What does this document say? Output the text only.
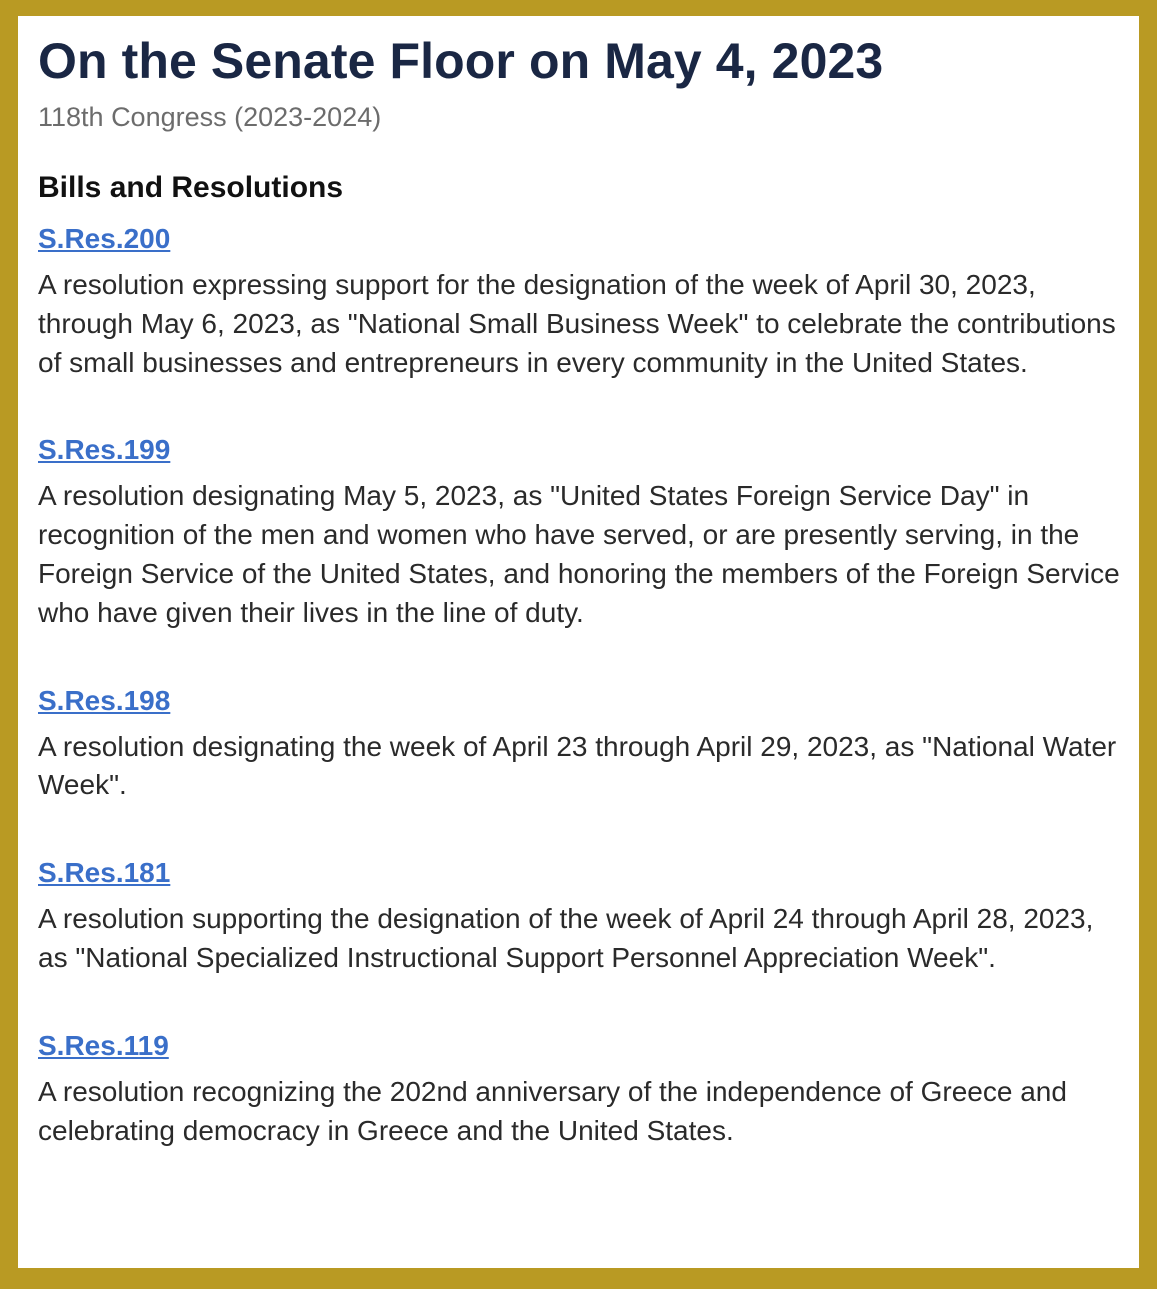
On the Senate Floor on May 4, 2023
118th Congress (2023-2024)
Bills and Resolutions
S.Res.200

A resolution expressing support for the designation of the week of April 30, 2023, through May 6, 2023, as "National Small Business Week" to celebrate the contributions of small businesses and entrepreneurs in every community in the United States.

S.Res.199

A resolution designating May 5, 2023, as "United States Foreign Service Day" in recognition of the men and women who have served, or are presently serving, in the Foreign Service of the United States, and honoring the members of the Foreign Service who have given their lives in the line of duty.

S.Res.198

A resolution designating the week of April 23 through April 29, 2023, as "National Water Week".

S.Res.181

A resolution supporting the designation of the week of April 24 through April 28, 2023, as "National Specialized Instructional Support Personnel Appreciation Week".

S.Res.119

A resolution recognizing the 202nd anniversary of the independence of Greece and celebrating democracy in Greece and the United States.
